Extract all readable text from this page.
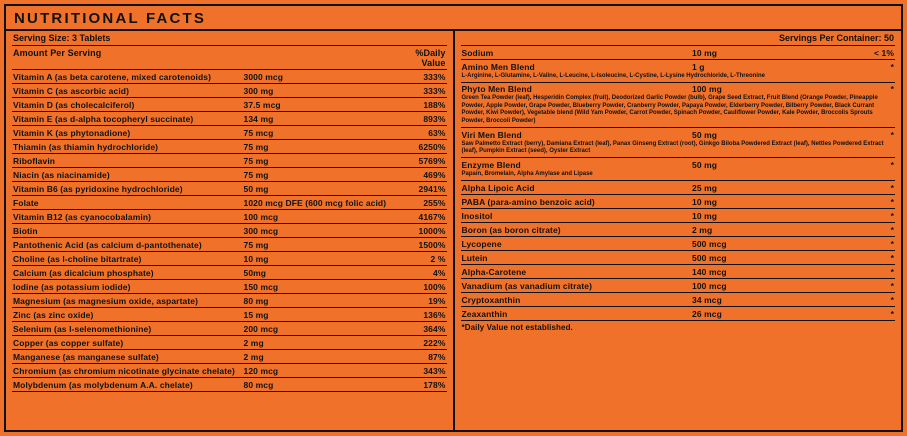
NUTRITIONAL FACTS
Serving Size: 3 Tablets
Amount Per Serving	%Daily Value
Vitamin A (as beta carotene, mixed carotenoids)	3000 mcg	333%
Vitamin C (as ascorbic acid)	300 mg	333%
Vitamin D (as cholecalciferol)	37.5 mcg	188%
Vitamin E (as d-alpha tocopheryl succinate)	134 mg	893%
Vitamin K (as phytonadione)	75 mcg	63%
Thiamin (as thiamin hydrochloride)	75 mg	6250%
Riboflavin	75 mg	5769%
Niacin (as niacinamide)	75 mg	469%
Vitamin B6 (as pyridoxine hydrochloride)	50 mg	2941%
Folate	1020 mcg DFE (600 mcg folic acid)	255%
Vitamin B12 (as cyanocobalamin)	100 mcg	4167%
Biotin	300 mcg	1000%
Pantothenic Acid (as calcium d-pantothenate)	75 mg	1500%
Choline (as l-choline bitartrate)	10 mg	2 %
Calcium (as dicalcium phosphate)	50mg	4%
Iodine (as potassium iodide)	150 mcg	100%
Magnesium (as magnesium oxide, aspartate)	80 mg	19%
Zinc (as zinc oxide)	15 mg	136%
Selenium (as l-selenomethionine)	200 mcg	364%
Copper (as copper sulfate)	2 mg	222%
Manganese (as manganese sulfate)	2 mg	87%
Chromium (as chromium nicotinate glycinate chelate)	120 mcg	343%
Molybdenum (as molybdenum A.A. chelate)	80 mcg	178%
Servings Per Container: 50
Sodium	10 mg	< 1%
Amino Men Blend	1 g	*
L-Arginine, L-Glutamine, L-Valine, L-Leucine, L-Isoleucine, L-Cystine, L-Lysine Hydrochloride, L-Threonine
Phyto Men Blend	100 mg	*
Green Tea Powder (leaf), Hesperidin Complex (fruit), Deodorized Garlic Powder (bulb), Grape Seed Extract, Fruit Blend (Orange Powder, Pineapple Powder, Apple Powder, Grape Powder, Blueberry Powder, Cranberry Powder, Papaya Powder, Elderberry Powder, Bilberry Powder, Black Currant Powder, Kiwi Powder), Vegetable blend (Wild Yam Powder, Carrot Powder, Spinach Powder, Cauliflower Powder, Kale Powder, Broccolis Sprouts Powder, Broccoli Powder)
Viri Men Blend	50 mg	*
Saw Palmetto Extract (berry), Damiana Extract (leaf), Panax Ginseng Extract (root), Ginkgo Biloba Powdered Extract (leaf), Nettles Powdered Extract (leaf), Pumpkin Extract (seed), Oyster Extract
Enzyme Blend	50 mg	*
Papain, Bromelain, Alpha Amylase and Lipase
Alpha Lipoic Acid	25 mg	*
PABA (para-amino benzoic acid)	10 mg	*
Inositol	10 mg	*
Boron (as boron citrate)	2 mg	*
Lycopene	500 mcg	*
Lutein	500 mcg	*
Alpha-Carotene	140 mcg	*
Vanadium (as vanadium citrate)	100 mcg	*
Cryptoxanthin	34 mcg	*
Zeaxanthin	26 mcg	*
*Daily Value not established.
